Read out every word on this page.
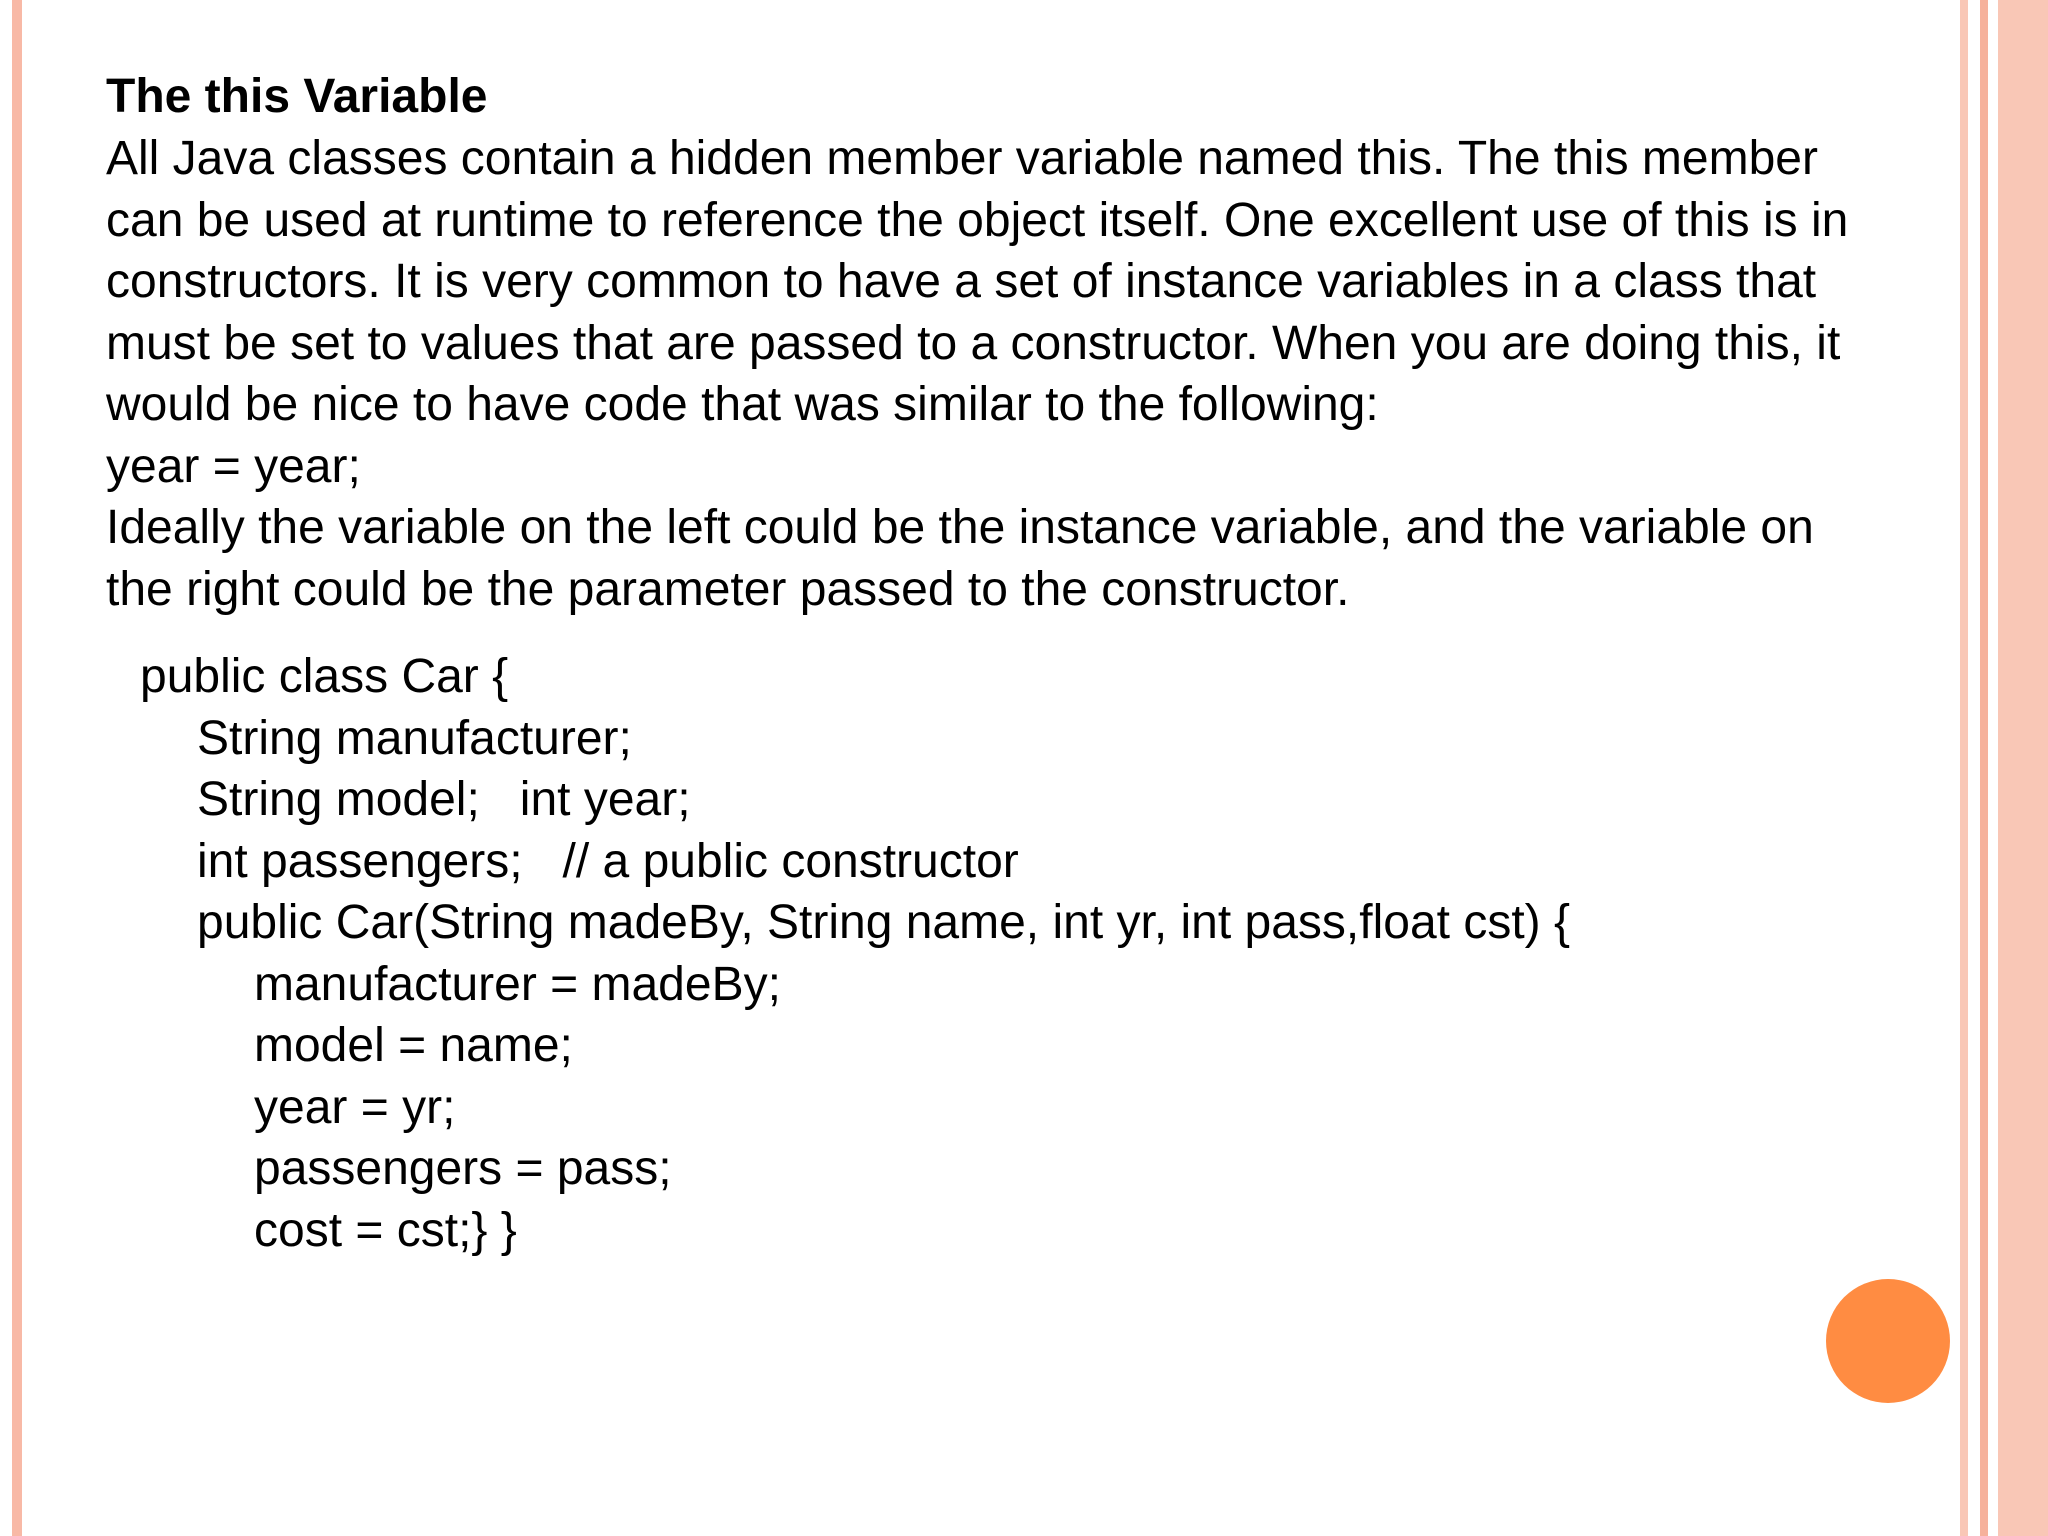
The this Variable

All Java classes contain a hidden member variable named this. The this member

can be used at runtime to reference the object itself. One excellent use of this is in

constructors. It is very common to have a set of instance variables in a class that

must be set to values that are passed to a constructor. When you are doing this, it

would be nice to have code that was similar to the following:

year = year;

Ideally the variable on the left could be the instance variable, and the variable on

the right could be the parameter passed to the constructor.

public class Car {
String manufacturer;
String model;   int year;
int passengers;   // a public constructor
public Car(String madeBy, String name, int yr, int pass,float cst) {
manufacturer = madeBy;
model = name;
year = yr;
passengers = pass;
cost = cst;} }
